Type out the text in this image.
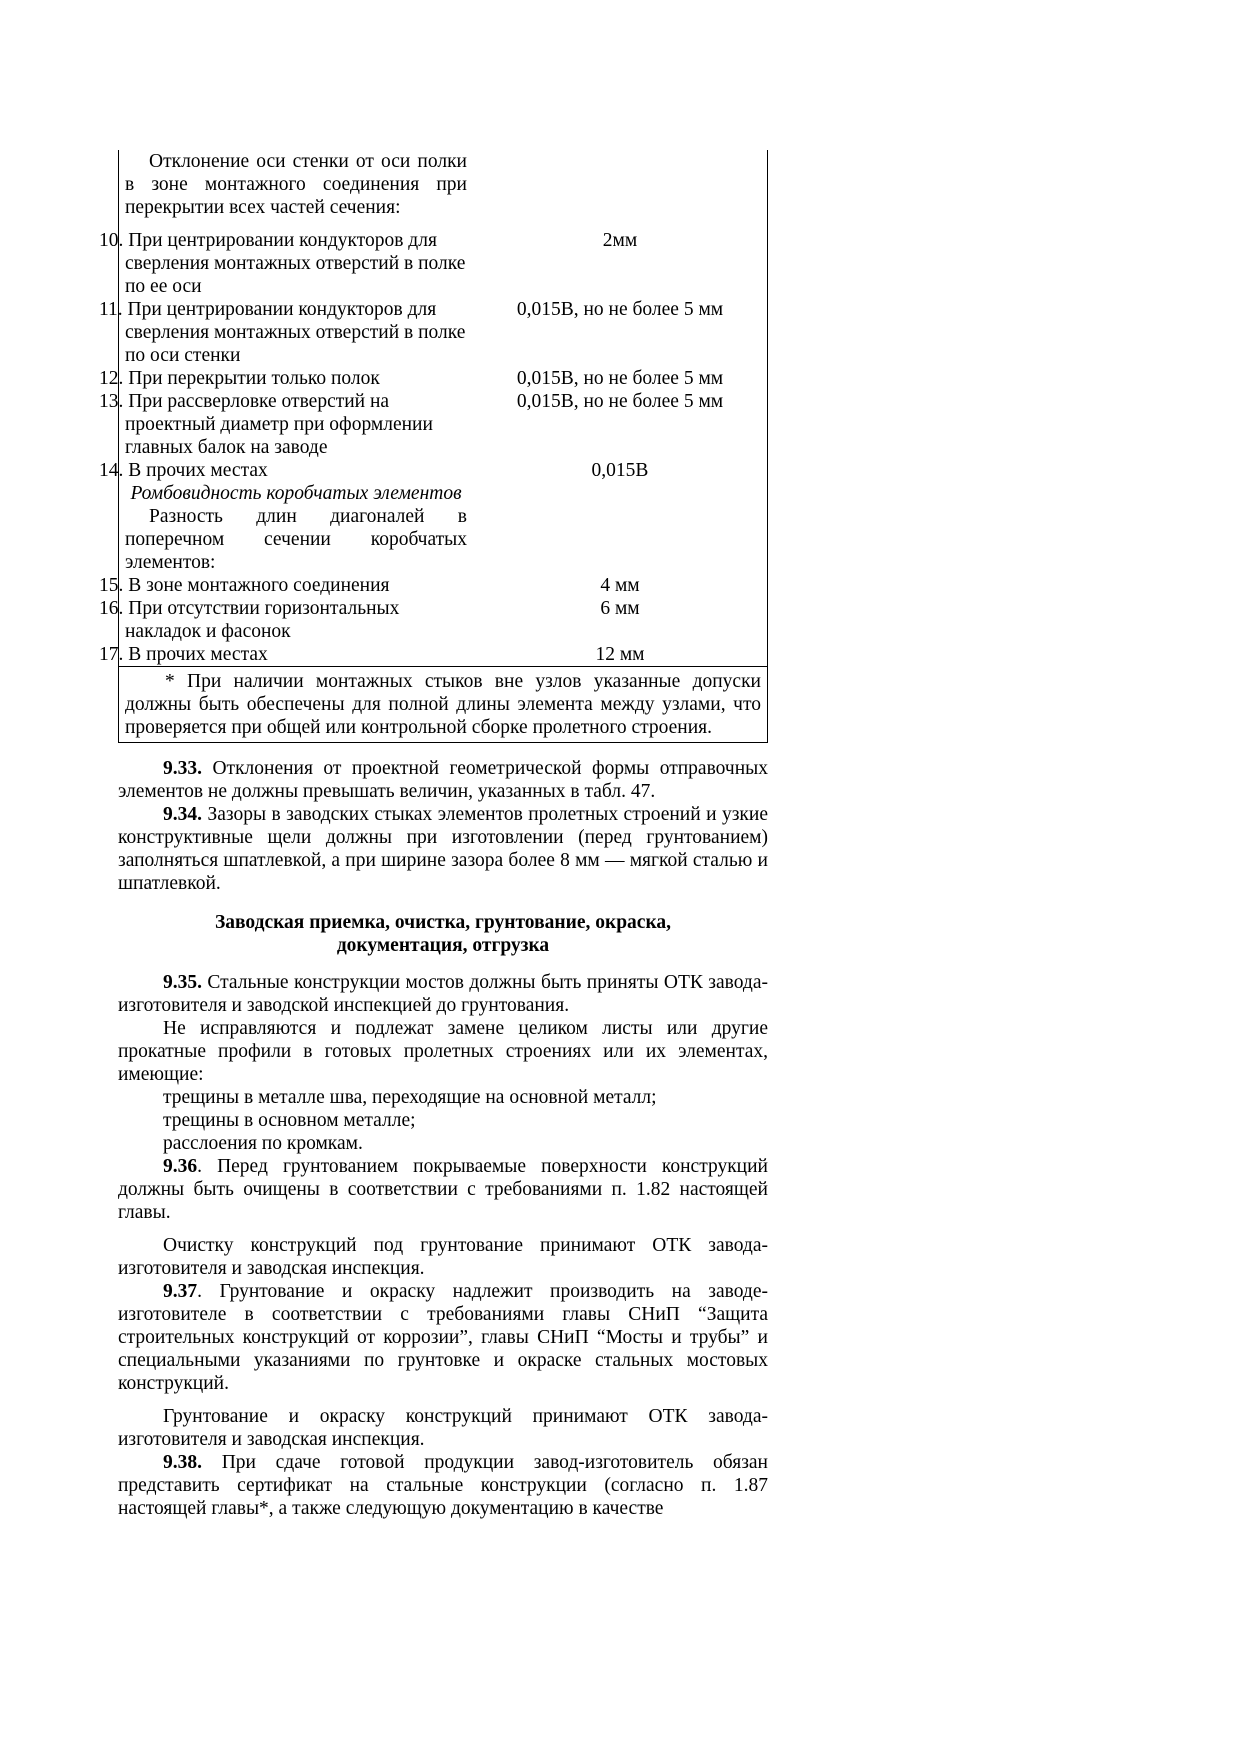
Отклонение оси стенки от оси полки в зоне монтажного соединения при перекрытии всех частей сечения:	

10. При центрировании кондукторов для сверления монтажных отверстий в полке по ее оси	2мм
11. При центрировании кондукторов для сверления монтажных отверстий в полке по оси стенки	0,015В, но не более 5 мм
12. При перекрытии только полок	0,015В, но не более 5 мм
13. При рассверловке отверстий на проектный диаметр при оформлении главных балок на заводе	0,015В, но не более 5 мм
14. В прочих местах	0,015В
Ромбовидность коробчатых элементов	
Разность длин диагоналей в поперечном сечении коробчатых элементов:	
15. В зоне монтажного соединения	4 мм
16. При отсутствии горизонтальных накладок и фасонок	6 мм
17. В прочих местах	12 мм
* При наличии монтажных стыков вне узлов указанные допуски должны быть обеспечены для полной длины элемента между узлами, что проверяется при общей или контрольной сборке пролетного строения.	

9.33. Отклонения от проектной геометрической формы отправочных элементов не должны превышать величин, указанных в табл. 47.

9.34. Зазоры в заводских стыках элементов пролетных строений и узкие конструктивные щели должны при изготовлении (перед грунтованием) заполняться шпатлевкой, а при ширине зазора более 8 мм — мягкой сталью и шпатлевкой.

Заводская приемка, очистка, грунтование, окраска, документация, отгрузка

9.35. Стальные конструкции мостов должны быть приняты ОТК завода-изготовителя и заводской инспекцией до грунтования.

Не исправляются и подлежат замене целиком листы или другие прокатные профили в готовых пролетных строениях или их элементах, имеющие:

трещины в металле шва, переходящие на основной металл;

трещины в основном металле;

расслоения по кромкам.

9.36. Перед грунтованием покрываемые поверхности конструкций должны быть очищены в соответствии с требованиями п. 1.82 настоящей главы.

Очистку конструкций под грунтование принимают ОТК завода-изготовителя и заводская инспекция.

9.37. Грунтование и окраску надлежит производить на заводе-изготовителе в соответствии с требованиями главы СНиП “Защита строительных конструкций от коррозии”, главы СНиП “Мосты и трубы” и специальными указаниями по грунтовке и окраске стальных мостовых конструкций.

Грунтование и окраску конструкций принимают ОТК завода-изготовителя и заводская инспекция.

9.38. При сдаче готовой продукции завод-изготовитель обязан представить сертификат на стальные конструкции (согласно п. 1.87 настоящей главы*, а также следующую документацию в качестве
